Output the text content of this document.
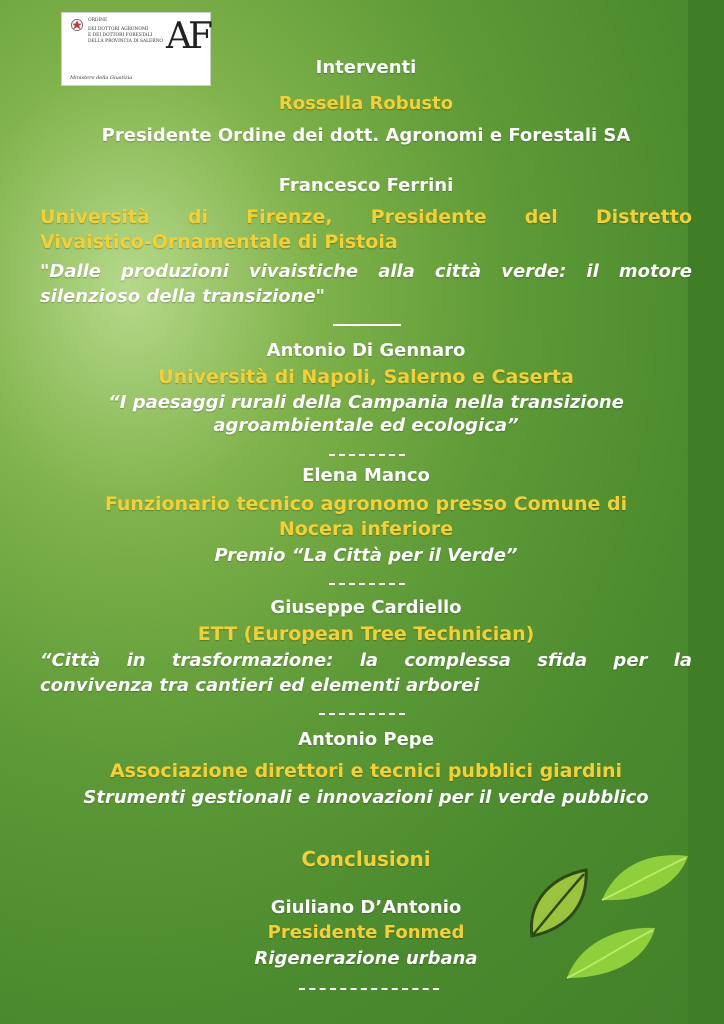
ORDINE
DEI DOTTORI AGRONOMI
E DEI DOTTORI FORESTALI
DELLA PROVINCIA DI SALERNO AF
Ministero della Giustizia	Interventi
Rossella Robusto
Presidente Ordine dei dott. Agronomi e Forestali SA
Francesco Ferrini
Università di Firenze, Presidente del Distretto
Vivaistico-Ornamentale di Pistoia
"Dalle produzioni vivaistiche alla città verde: il motore
silenzioso della transizione"
Antonio Di Gennaro
Università di Napoli, Salerno e Caserta
“I paesaggi rurali della Campania nella transizione
agroambientale ed ecologica”
Elena Manco
Funzionario tecnico agronomo presso Comune di
Nocera inferiore
Premio “La Città per il Verde”
Giuseppe Cardiello
ETT (European Tree Technician)
“Città in trasformazione: la complessa sfida per la
convivenza tra cantieri ed elementi arborei
Antonio Pepe
Associazione direttori e tecnici pubblici giardini
Strumenti gestionali e innovazioni per il verde pubblico
Conclusioni
Giuliano D’Antonio
Presidente Fonmed
Rigenerazione urbana
